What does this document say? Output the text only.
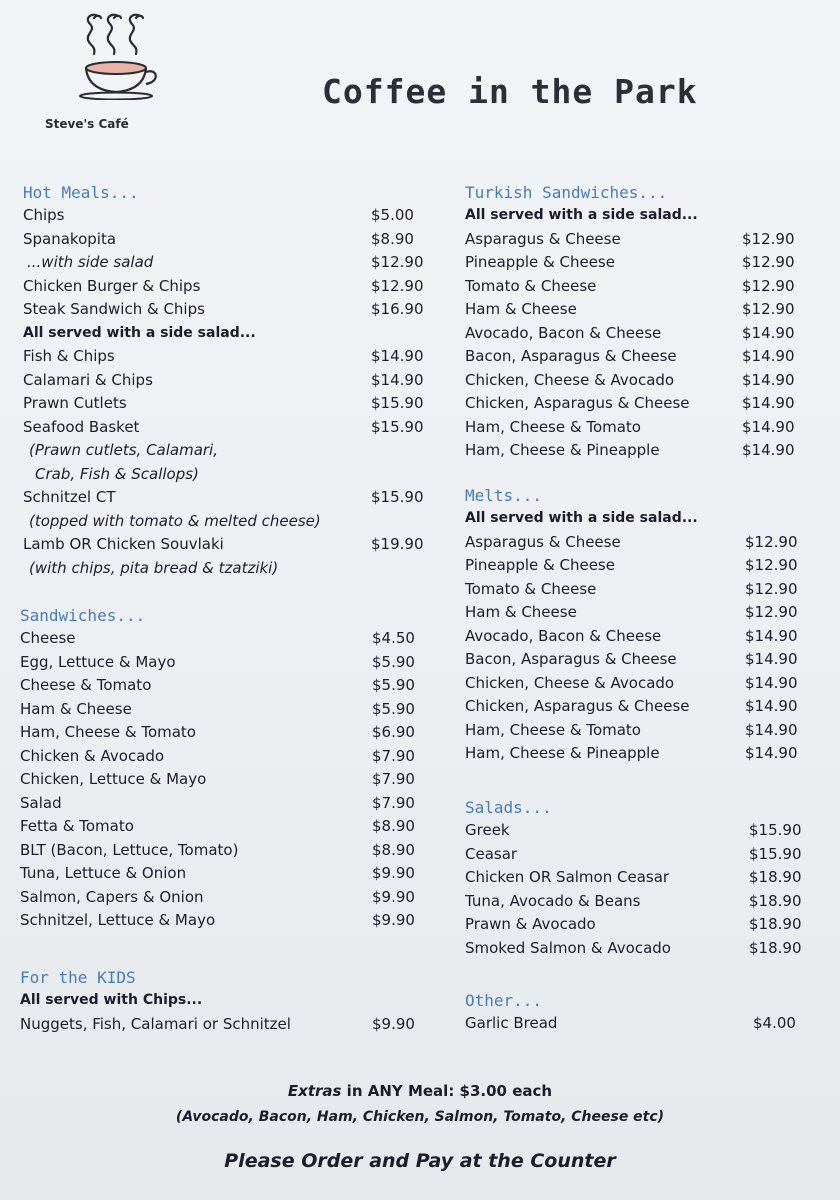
Steve's Café
Coffee in the Park
Hot Meals...
Chips	$5.00
Spanakopita	$8.90
...with side salad	$12.90
Chicken Burger & Chips	$12.90
Steak Sandwich & Chips	$16.90
All served with a side salad...
Fish & Chips	$14.90
Calamari & Chips	$14.90
Prawn Cutlets	$15.90
Seafood Basket	$15.90
(Prawn cutlets, Calamari,
Crab, Fish & Scallops)
Schnitzel CT	$15.90
(topped with tomato & melted cheese)
Lamb OR Chicken Souvlaki	$19.90
(with chips, pita bread & tzatziki)
Sandwiches...
Cheese	$4.50
Egg, Lettuce & Mayo	$5.90
Cheese & Tomato	$5.90
Ham & Cheese	$5.90
Ham, Cheese & Tomato	$6.90
Chicken & Avocado	$7.90
Chicken, Lettuce & Mayo	$7.90
Salad	$7.90
Fetta & Tomato	$8.90
BLT (Bacon, Lettuce, Tomato)	$8.90
Tuna, Lettuce & Onion	$9.90
Salmon, Capers & Onion	$9.90
Schnitzel, Lettuce & Mayo	$9.90
For the KIDS
All served with Chips...
Nuggets, Fish, Calamari or Schnitzel	$9.90
Turkish Sandwiches...
All served with a side salad...
Asparagus & Cheese	$12.90
Pineapple & Cheese	$12.90
Tomato & Cheese	$12.90
Ham & Cheese	$12.90
Avocado, Bacon & Cheese	$14.90
Bacon, Asparagus & Cheese	$14.90
Chicken, Cheese & Avocado	$14.90
Chicken, Asparagus & Cheese	$14.90
Ham, Cheese & Tomato	$14.90
Ham, Cheese & Pineapple	$14.90
Melts...
All served with a side salad...
Asparagus & Cheese	$12.90
Pineapple & Cheese	$12.90
Tomato & Cheese	$12.90
Ham & Cheese	$12.90
Avocado, Bacon & Cheese	$14.90
Bacon, Asparagus & Cheese	$14.90
Chicken, Cheese & Avocado	$14.90
Chicken, Asparagus & Cheese	$14.90
Ham, Cheese & Tomato	$14.90
Ham, Cheese & Pineapple	$14.90
Salads...
Greek	$15.90
Ceasar	$15.90
Chicken OR Salmon Ceasar	$18.90
Tuna, Avocado & Beans	$18.90
Prawn & Avocado	$18.90
Smoked Salmon & Avocado	$18.90
Other...
Garlic Bread	$4.00
Extras in ANY Meal: $3.00 each
(Avocado, Bacon, Ham, Chicken, Salmon, Tomato, Cheese etc)
Please Order and Pay at the Counter
